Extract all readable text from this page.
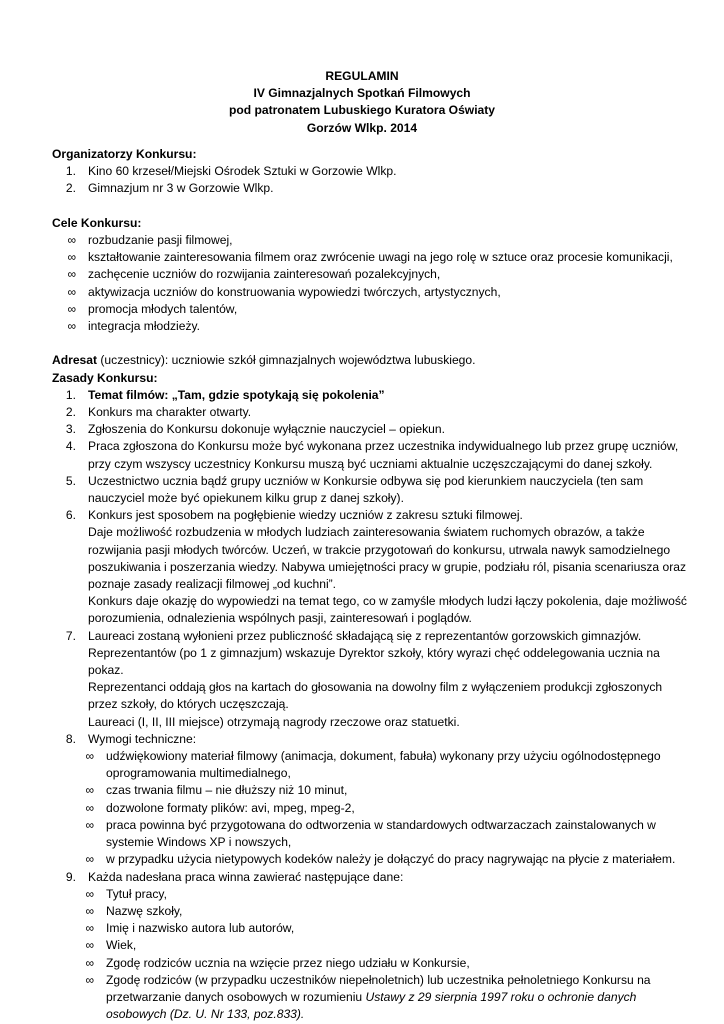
REGULAMIN
IV Gimnazjalnych Spotkań Filmowych
pod patronatem Lubuskiego Kuratora Oświaty
Gorzów Wlkp. 2014
Organizatorzy Konkursu:
1. Kino 60 krzeseł/Miejski Ośrodek Sztuki w Gorzowie Wlkp.
2. Gimnazjum nr 3 w Gorzowie Wlkp.
Cele Konkursu:
∞ rozbudzanie pasji filmowej,
∞ kształtowanie zainteresowania filmem oraz zwrócenie uwagi na jego rolę w sztuce oraz procesie komunikacji,
∞ zachęcenie uczniów do rozwijania zainteresowań pozalekcyjnych,
∞ aktywizacja uczniów do konstruowania wypowiedzi twórczych, artystycznych,
∞ promocja młodych talentów,
∞ integracja młodzieży.
Adresat (uczestnicy): uczniowie szkół gimnazjalnych województwa lubuskiego.
Zasady Konkursu:
1. Temat filmów: „Tam, gdzie spotykają się pokolenia”
2. Konkurs ma charakter otwarty.
3. Zgłoszenia do Konkursu dokonuje wyłącznie nauczyciel – opiekun.
4. Praca zgłoszona do Konkursu może być wykonana przez uczestnika indywidualnego lub przez grupę uczniów, przy czym wszyscy uczestnicy Konkursu muszą być uczniami aktualnie uczęszczającymi do danej szkoły.
5. Uczestnictwo ucznia bądź grupy uczniów w Konkursie odbywa się pod kierunkiem nauczyciela (ten sam nauczyciel może być opiekunem kilku grup z danej szkoły).
6. Konkurs jest sposobem na pogłębienie wiedzy uczniów z zakresu sztuki filmowej.
Daje możliwość rozbudzenia w młodych ludziach zainteresowania światem ruchomych obrazów, a także rozwijania pasji młodych twórców. Uczeń, w trakcie przygotowań do konkursu, utrwala nawyk samodzielnego poszukiwania i poszerzania wiedzy. Nabywa umiejętności pracy w grupie, podziału ról, pisania scenariusza oraz poznaje zasady realizacji filmowej „od kuchni”.
Konkurs daje okazję do wypowiedzi na temat tego, co w zamyśle młodych ludzi łączy pokolenia, daje możliwość porozumienia, odnalezienia wspólnych pasji, zainteresowań i poglądów.
7. Laureaci zostaną wyłonieni przez publiczność składającą się z reprezentantów gorzowskich gimnazjów.
Reprezentantów (po 1 z gimnazjum) wskazuje Dyrektor szkoły, który wyrazi chęć oddelegowania ucznia na pokaz.
Reprezentanci oddają głos na kartach do głosowania na dowolny film z wyłączeniem produkcji zgłoszonych przez szkoły, do których uczęszczają.
Laureaci (I, II, III miejsce) otrzymają nagrody rzeczowe oraz statuetki.
8. Wymogi techniczne:
∞ udźwiękowiony materiał filmowy (animacja, dokument, fabuła) wykonany przy użyciu ogólnodostępnego oprogramowania multimedialnego,
∞ czas trwania filmu – nie dłuższy niż 10 minut,
∞ dozwolone formaty plików: avi, mpeg, mpeg-2,
∞ praca powinna być przygotowana do odtworzenia w standardowych odtwarzaczach zainstalowanych w systemie Windows XP i nowszych,
∞ w przypadku użycia nietypowych kodeków należy je dołączyć do pracy nagrywając na płycie z materiałem.
9. Każda nadesłana praca winna zawierać następujące dane:
∞ Tytuł pracy,
∞ Nazwę szkoły,
∞ Imię i nazwisko autora lub autorów,
∞ Wiek,
∞ Zgodę rodziców ucznia na wzięcie przez niego udziału w Konkursie,
∞ Zgodę rodziców (w przypadku uczestników niepełnoletnich) lub uczestnika pełnoletniego Konkursu na przetwarzanie danych osobowych w rozumieniu Ustawy z 29 sierpnia 1997 roku o ochronie danych osobowych (Dz. U. Nr 133, poz.833).
